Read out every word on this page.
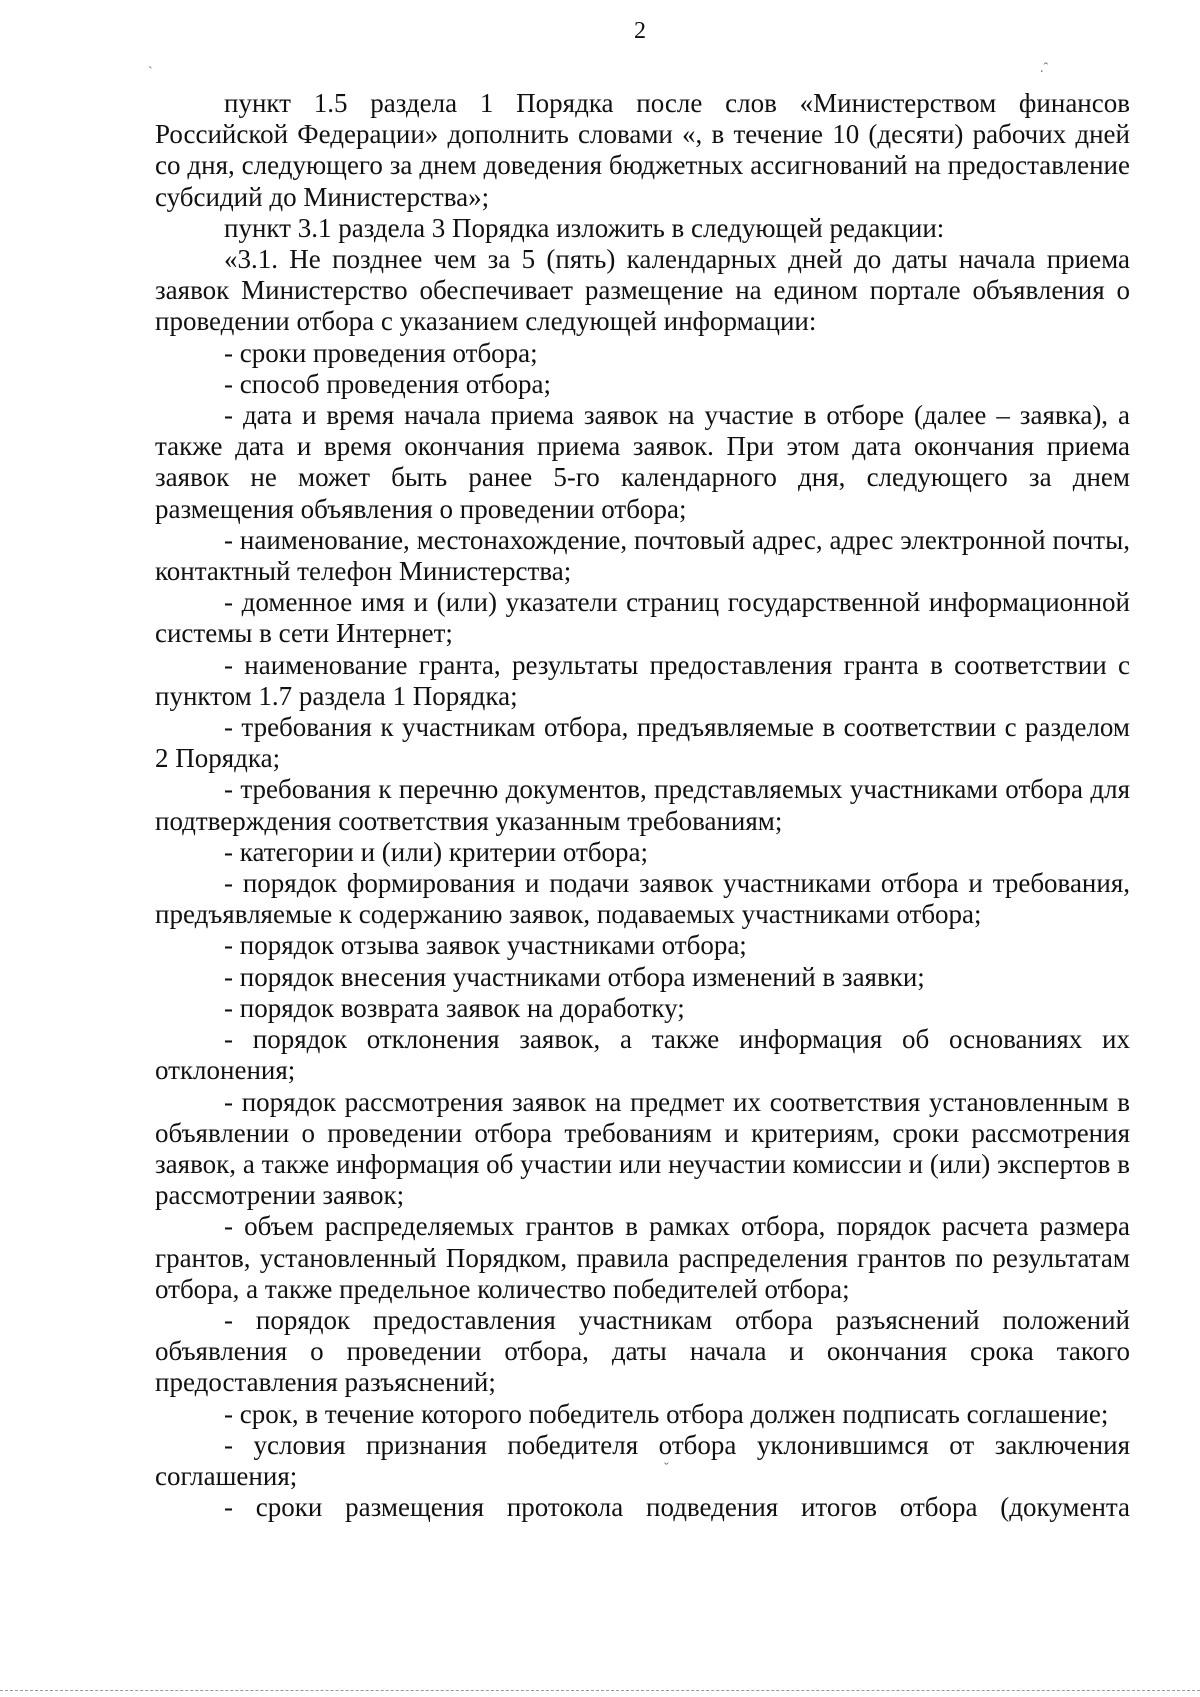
2
ˋ	.ˆ
ˇ

пункт 1.5 раздела 1 Порядка после слов «Министерством финансов Российской Федерации» дополнить словами «, в течение 10 (десяти) рабочих дней со дня, следующего за днем доведения бюджетных ассигнований на предоставление субсидий до Министерства»;

пункт 3.1 раздела 3 Порядка изложить в следующей редакции:

«3.1. Не позднее чем за 5 (пять) календарных дней до даты начала приема заявок Министерство обеспечивает размещение на едином портале объявления о проведении отбора с указанием следующей информации:

- сроки проведения отбора;

- способ проведения отбора;

- дата и время начала приема заявок на участие в отборе (далее – заявка), а также дата и время окончания приема заявок. При этом дата окончания приема заявок не может быть ранее 5-го календарного дня, следующего за днем размещения объявления о проведении отбора;

- наименование, местонахождение, почтовый адрес, адрес электронной почты, контактный телефон Министерства;

- доменное имя и (или) указатели страниц государственной информационной системы в сети Интернет;

- наименование гранта, результаты предоставления гранта в соответствии с пунктом 1.7 раздела 1 Порядка;

- требования к участникам отбора, предъявляемые в соответствии с разделом 2 Порядка;

- требования к перечню документов, представляемых участниками отбора для подтверждения соответствия указанным требованиям;

- категории и (или) критерии отбора;

- порядок формирования и подачи заявок участниками отбора и требования, предъявляемые к содержанию заявок, подаваемых участниками отбора;

- порядок отзыва заявок участниками отбора;

- порядок внесения участниками отбора изменений в заявки;

- порядок возврата заявок на доработку;

- порядок отклонения заявок, а также информация об основаниях их отклонения;

- порядок рассмотрения заявок на предмет их соответствия установленным в объявлении о проведении отбора требованиям и критериям, сроки рассмотрения заявок, а также информация об участии или неучастии комиссии и (или) экспертов в рассмотрении заявок;

- объем распределяемых грантов в рамках отбора, порядок расчета размера грантов, установленный Порядком, правила распределения грантов по результатам отбора, а также предельное количество победителей отбора;

- порядок предоставления участникам отбора разъяснений положений объявления о проведении отбора, даты начала и окончания срока такого предоставления разъяснений;

- срок, в течение которого победитель отбора должен подписать соглашение;

- условия признания победителя отбора уклонившимся от заключения соглашения;

- сроки размещения протокола подведения итогов отбора (документа
